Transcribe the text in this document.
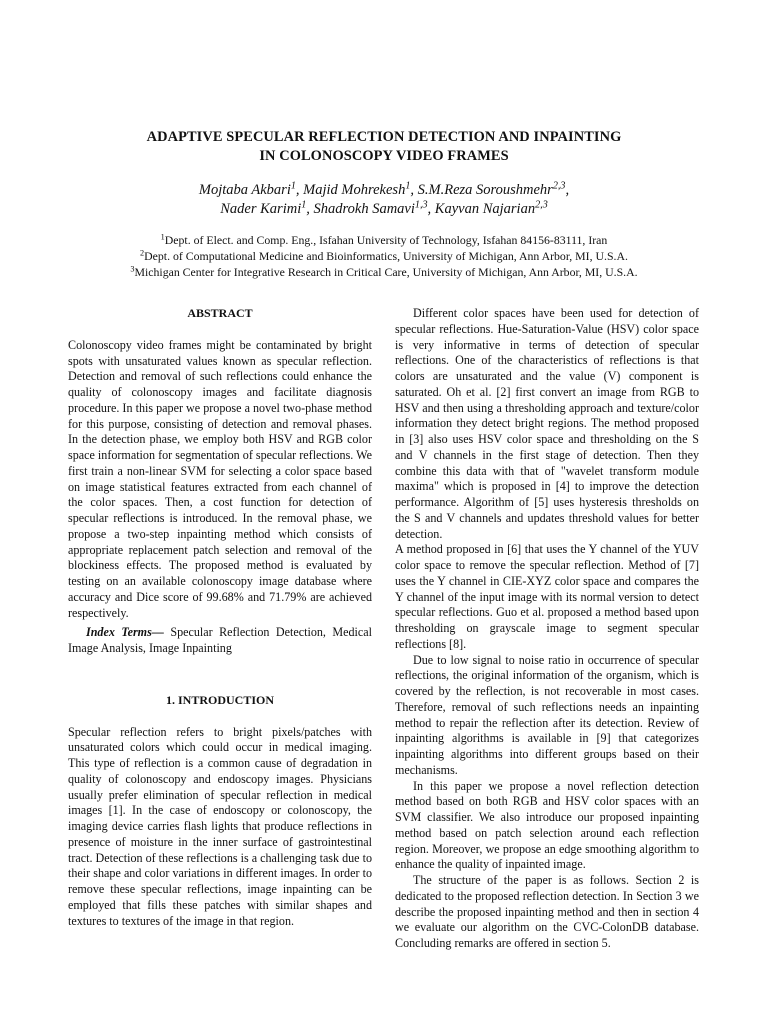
ADAPTIVE SPECULAR REFLECTION DETECTION AND INPAINTING
IN COLONOSCOPY VIDEO FRAMES
Mojtaba Akbari$^1$, Majid Mohrekesh$^1$, S.M.Reza Soroushmehr$^{2,3}$,
Nader Karimi$^1$, Shadrokh Samavi$^{1,3}$, Kayvan Najarian$^{2,3}$
$^1$Dept. of Elect. and Comp. Eng., Isfahan University of Technology, Isfahan 84156-83111, Iran
$^2$Dept. of Computational Medicine and Bioinformatics, University of Michigan, Ann Arbor, MI, U.S.A.
$^3$Michigan Center for Integrative Research in Critical Care, University of Michigan, Ann Arbor, MI, U.S.A.

ABSTRACT

Colonoscopy video frames might be contaminated by bright spots with unsaturated values known as specular reflection. Detection and removal of such reflections could enhance the quality of colonoscopy images and facilitate diagnosis procedure. In this paper we propose a novel two-phase method for this purpose, consisting of detection and removal phases. In the detection phase, we employ both HSV and RGB color space information for segmentation of specular reflections. We first train a non-linear SVM for selecting a color space based on image statistical features extracted from each channel of the color spaces. Then, a cost function for detection of specular reflections is introduced. In the removal phase, we propose a two-step inpainting method which consists of appropriate replacement patch selection and removal of the blockiness effects. The proposed method is evaluated by testing on an available colonoscopy image database where accuracy and Dice score of 99.68% and 71.79% are achieved respectively.

Index Terms— Specular Reflection Detection, Medical Image Analysis, Image Inpainting

1. INTRODUCTION

Specular reflection refers to bright pixels/patches with unsaturated colors which could occur in medical imaging. This type of reflection is a common cause of degradation in quality of colonoscopy and endoscopy images. Physicians usually prefer elimination of specular reflection in medical images [1]. In the case of endoscopy or colonoscopy, the imaging device carries flash lights that produce reflections in presence of moisture in the inner surface of gastrointestinal tract. Detection of these reflections is a challenging task due to their shape and color variations in different images. In order to remove these specular reflections, image inpainting can be employed that fills these patches with similar shapes and textures to textures of the image in that region.

Different color spaces have been used for detection of specular reflections. Hue-Saturation-Value (HSV) color space is very informative in terms of detection of specular reflections. One of the characteristics of reflections is that colors are unsaturated and the value (V) component is saturated. Oh et al. [2] first convert an image from RGB to HSV and then using a thresholding approach and texture/color information they detect bright regions. The method proposed in [3] also uses HSV color space and thresholding on the S and V channels in the first stage of detection. Then they combine this data with that of "wavelet transform module maxima" which is proposed in [4] to improve the detection performance. Algorithm of [5] uses hysteresis thresholds on the S and V channels and updates threshold values for better detection.

A method proposed in [6] that uses the Y channel of the YUV color space to remove the specular reflection. Method of [7] uses the Y channel in CIE-XYZ color space and compares the Y channel of the input image with its normal version to detect specular reflections. Guo et al. proposed a method based upon thresholding on grayscale image to segment specular reflections [8].

Due to low signal to noise ratio in occurrence of specular reflections, the original information of the organism, which is covered by the reflection, is not recoverable in most cases. Therefore, removal of such reflections needs an inpainting method to repair the reflection after its detection. Review of inpainting algorithms is available in [9] that categorizes inpainting algorithms into different groups based on their mechanisms.

In this paper we propose a novel reflection detection method based on both RGB and HSV color spaces with an SVM classifier. We also introduce our proposed inpainting method based on patch selection around each reflection region. Moreover, we propose an edge smoothing algorithm to enhance the quality of inpainted image.

The structure of the paper is as follows. Section 2 is dedicated to the proposed reflection detection. In Section 3 we describe the proposed inpainting method and then in section 4 we evaluate our algorithm on the CVC-ColonDB database. Concluding remarks are offered in section 5.
